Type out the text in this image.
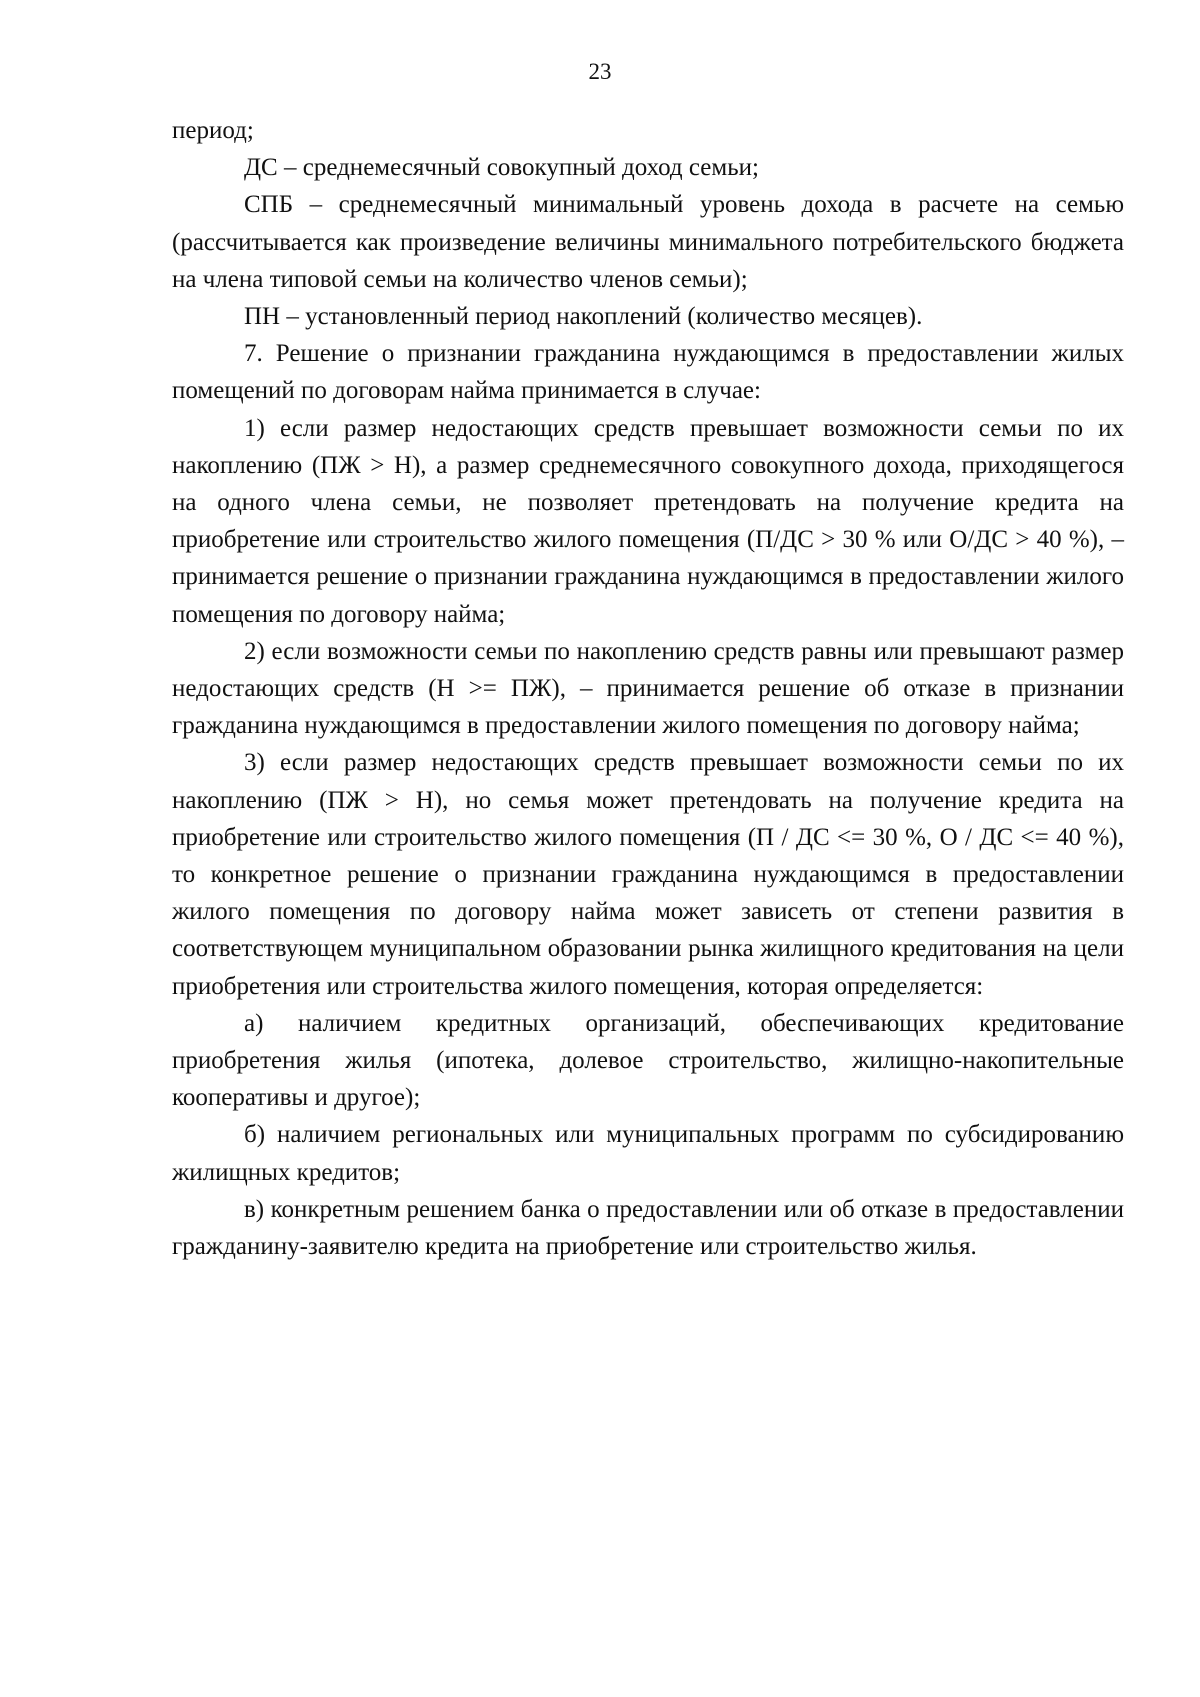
23

период;

ДС – среднемесячный совокупный доход семьи;

СПБ – среднемесячный минимальный уровень дохода в расчете на семью (рассчитывается как произведение величины минимального потребительского бюджета на члена типовой семьи на количество членов семьи);

ПН – установленный период накоплений (количество месяцев).

7. Решение о признании гражданина нуждающимся в предоставлении жилых помещений по договорам найма принимается в случае:

1) если размер недостающих средств превышает возможности семьи по их накоплению (ПЖ > Н), а размер среднемесячного совокупного дохода, приходящегося на одного члена семьи, не позволяет претендовать на получение кредита на приобретение или строительство жилого помещения (П/ДС > 30 % или О/ДС > 40 %), – принимается решение о признании гражданина нуждающимся в предоставлении жилого помещения по договору найма;

2) если возможности семьи по накоплению средств равны или превышают размер недостающих средств (Н >= ПЖ), – принимается решение об отказе в признании гражданина нуждающимся в предоставлении жилого помещения по договору найма;

3) если размер недостающих средств превышает возможности семьи по их накоплению (ПЖ > Н), но семья может претендовать на получение кредита на приобретение или строительство жилого помещения (П / ДС <= 30 %, О / ДС <= 40 %), то конкретное решение о признании гражданина нуждающимся в предоставлении жилого помещения по договору найма может зависеть от степени развития в соответствующем муниципальном образовании рынка жилищного кредитования на цели приобретения или строительства жилого помещения, которая определяется:

а) наличием кредитных организаций, обеспечивающих кредитование приобретения жилья (ипотека, долевое строительство, жилищно-накопительные кооперативы и другое);

б) наличием региональных или муниципальных программ по субсидированию жилищных кредитов;

в) конкретным решением банка о предоставлении или об отказе в предоставлении гражданину-заявителю кредита на приобретение или строительство жилья.
